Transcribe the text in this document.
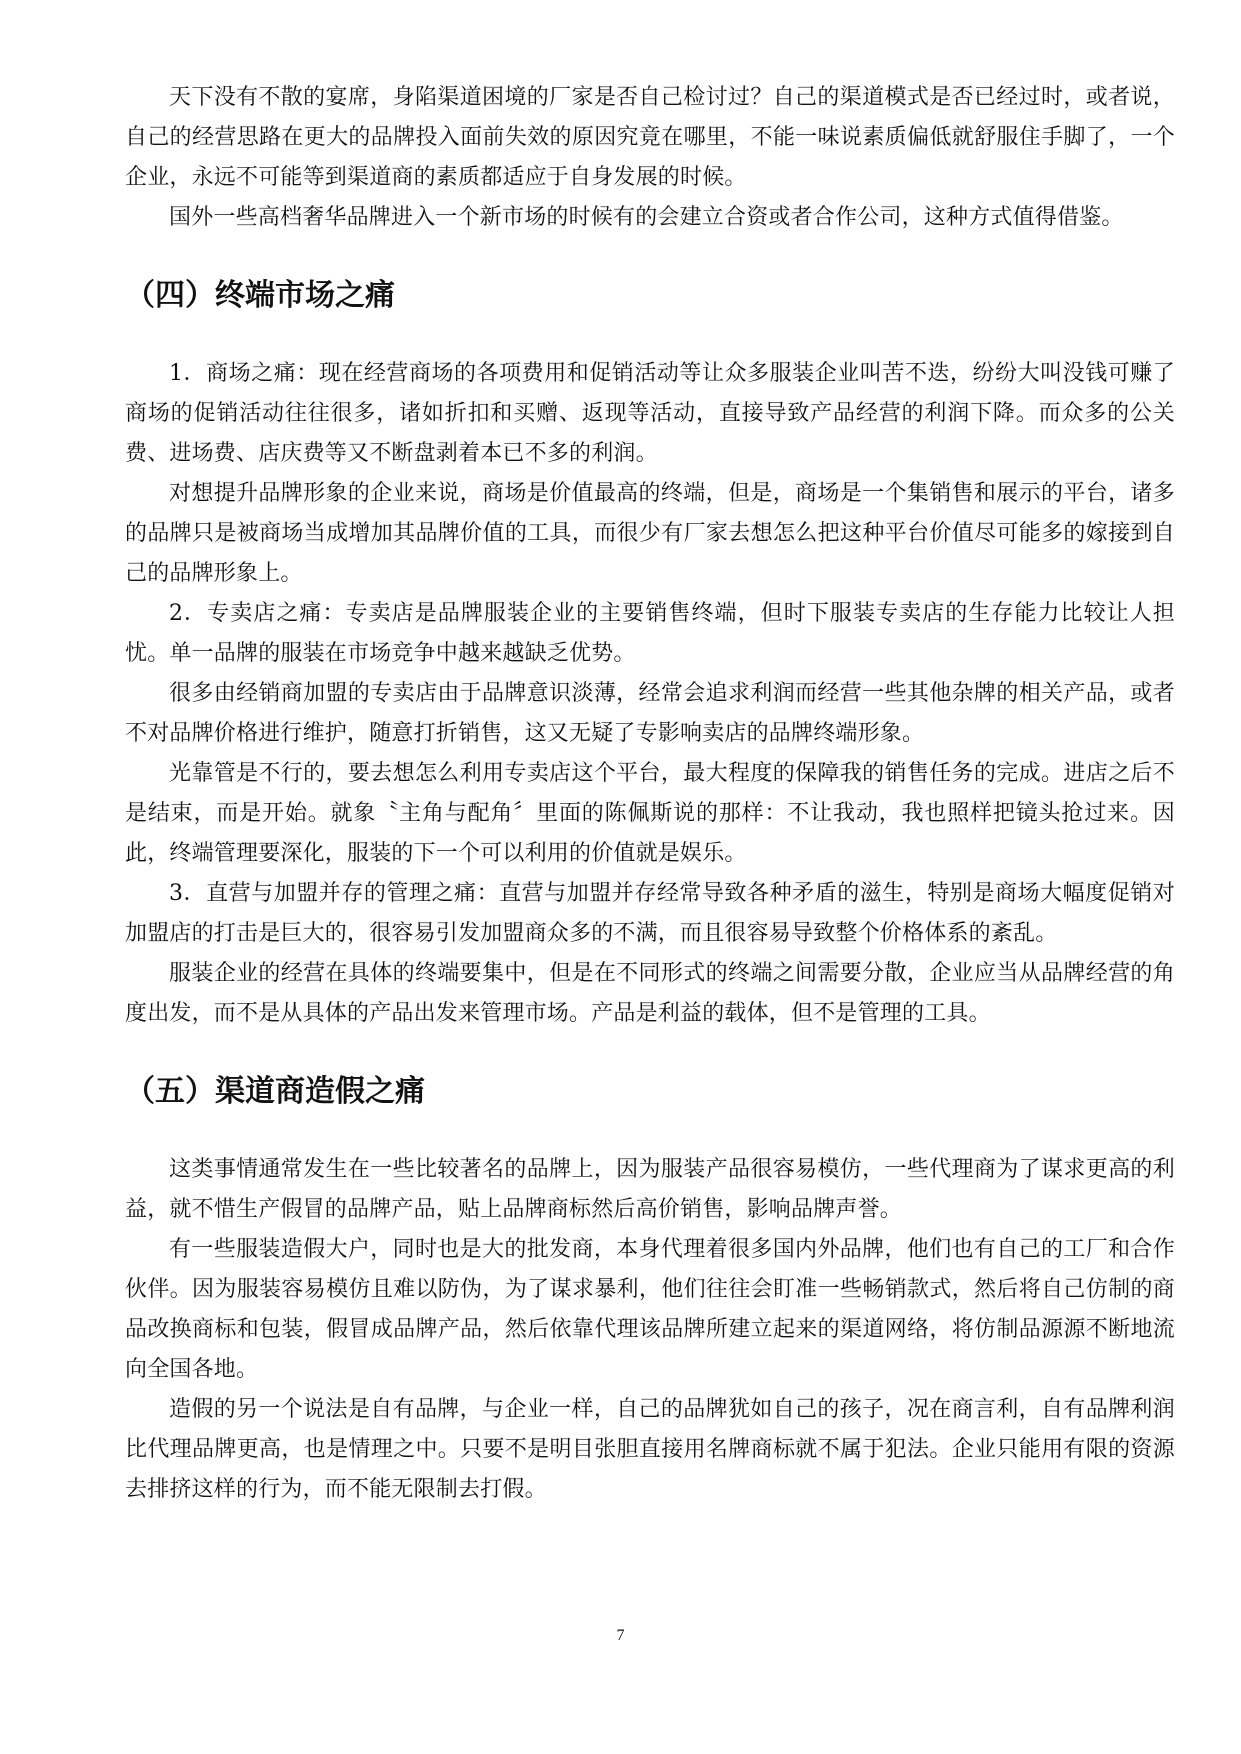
天下没有不散的宴席，身陷渠道困境的厂家是否自己检讨过？自己的渠道模式是否已经过时，或者说，自己的经营思路在更大的品牌投入面前失效的原因究竟在哪里，不能一味说素质偏低就舒服住手脚了，一个企业，永远不可能等到渠道商的素质都适应于自身发展的时候。

国外一些高档奢华品牌进入一个新市场的时候有的会建立合资或者合作公司，这种方式值得借鉴。

（四）终端市场之痛

1．商场之痛：现在经营商场的各项费用和促销活动等让众多服装企业叫苦不迭，纷纷大叫没钱可赚了商场的促销活动往往很多，诸如折扣和买赠、返现等活动，直接导致产品经营的利润下降。而众多的公关费、进场费、店庆费等又不断盘剥着本已不多的利润。

对想提升品牌形象的企业来说，商场是价值最高的终端，但是，商场是一个集销售和展示的平台，诸多的品牌只是被商场当成增加其品牌价值的工具，而很少有厂家去想怎么把这种平台价值尽可能多的嫁接到自己的品牌形象上。

2．专卖店之痛：专卖店是品牌服装企业的主要销售终端，但时下服装专卖店的生存能力比较让人担忧。单一品牌的服装在市场竞争中越来越缺乏优势。

很多由经销商加盟的专卖店由于品牌意识淡薄，经常会追求利润而经营一些其他杂牌的相关产品，或者不对品牌价格进行维护，随意打折销售，这又无疑了专影响卖店的品牌终端形象。

光靠管是不行的，要去想怎么利用专卖店这个平台，最大程度的保障我的销售任务的完成。进店之后不是结束，而是开始。就象〝主角与配角〞里面的陈佩斯说的那样：不让我动，我也照样把镜头抢过来。因此，终端管理要深化，服装的下一个可以利用的价值就是娱乐。

3．直营与加盟并存的管理之痛：直营与加盟并存经常导致各种矛盾的滋生，特别是商场大幅度促销对加盟店的打击是巨大的，很容易引发加盟商众多的不满，而且很容易导致整个价格体系的紊乱。

服装企业的经营在具体的终端要集中，但是在不同形式的终端之间需要分散，企业应当从品牌经营的角度出发，而不是从具体的产品出发来管理市场。产品是利益的载体，但不是管理的工具。

（五）渠道商造假之痛

这类事情通常发生在一些比较著名的品牌上，因为服装产品很容易模仿，一些代理商为了谋求更高的利益，就不惜生产假冒的品牌产品，贴上品牌商标然后高价销售，影响品牌声誉。

有一些服装造假大户，同时也是大的批发商，本身代理着很多国内外品牌，他们也有自己的工厂和合作伙伴。因为服装容易模仿且难以防伪，为了谋求暴利，他们往往会盯准一些畅销款式，然后将自己仿制的商品改换商标和包装，假冒成品牌产品，然后依靠代理该品牌所建立起来的渠道网络，将仿制品源源不断地流向全国各地。

造假的另一个说法是自有品牌，与企业一样，自己的品牌犹如自己的孩子，况在商言利，自有品牌利润比代理品牌更高，也是情理之中。只要不是明目张胆直接用名牌商标就不属于犯法。企业只能用有限的资源去排挤这样的行为，而不能无限制去打假。

7
